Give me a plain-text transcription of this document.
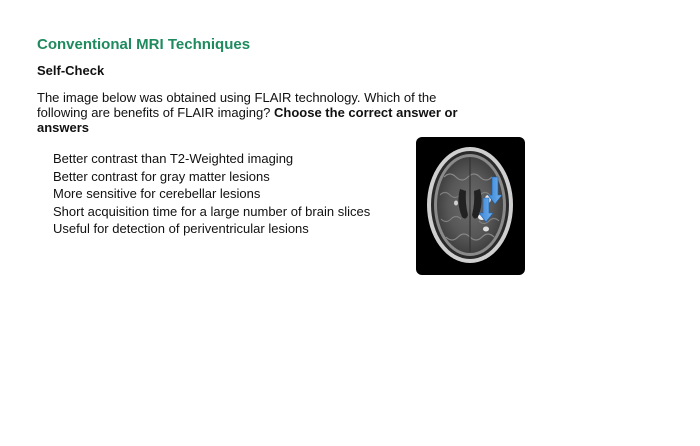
Conventional MRI Techniques
Self-Check
The image below was obtained using FLAIR technology. Which of the following are benefits of FLAIR imaging? Choose the correct answer or answers
Better contrast than T2-Weighted imaging
Better contrast for gray matter lesions
More sensitive for cerebellar lesions
Short acquisition time for a large number of brain slices
Useful for detection of periventricular lesions
